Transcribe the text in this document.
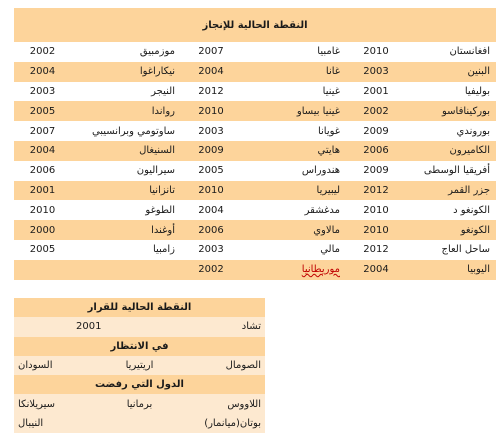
النقطة الحالية للإنجاز					
افغانستان	2010	غامبيا	2007	موزمبيق	2002
البنين	2003	غانا	2004	نيكاراغوا	2004
بوليفيا	2001	غينيا	2012	النيجر	2003
بوركينافاسو	2002	غينيا بيساو	2010	رواندا	2005
بوروندي	2009	غويانا	2003	ساوتومي وبرانسيبي	2007
الكاميرون	2006	هايتي	2009	السنيغال	2004
أفريقيا الوسطى	2009	هندوراس	2005	سيراليون	2006
جزر القمر	2012	ليبيريا	2010	تانزانيا	2001
الكونغو د	2010	مدغشقر	2004	الطوغو	2010
الكونغو	2010	مالاوي	2006	أوغندا	2000
ساحل العاج	2012	مالي	2003	زامبيا	2005
اليوبيا	2004	موريطانيا	2002		
النقطة الحالية للقرار		
تشاد	2001	
في الانتظار		
الصومال	اريتيريا	السودان
الدول التي رفضت		
اللاووس	برمانيا	سيريلانكا
بوتان(ميانمار)		النيبال
